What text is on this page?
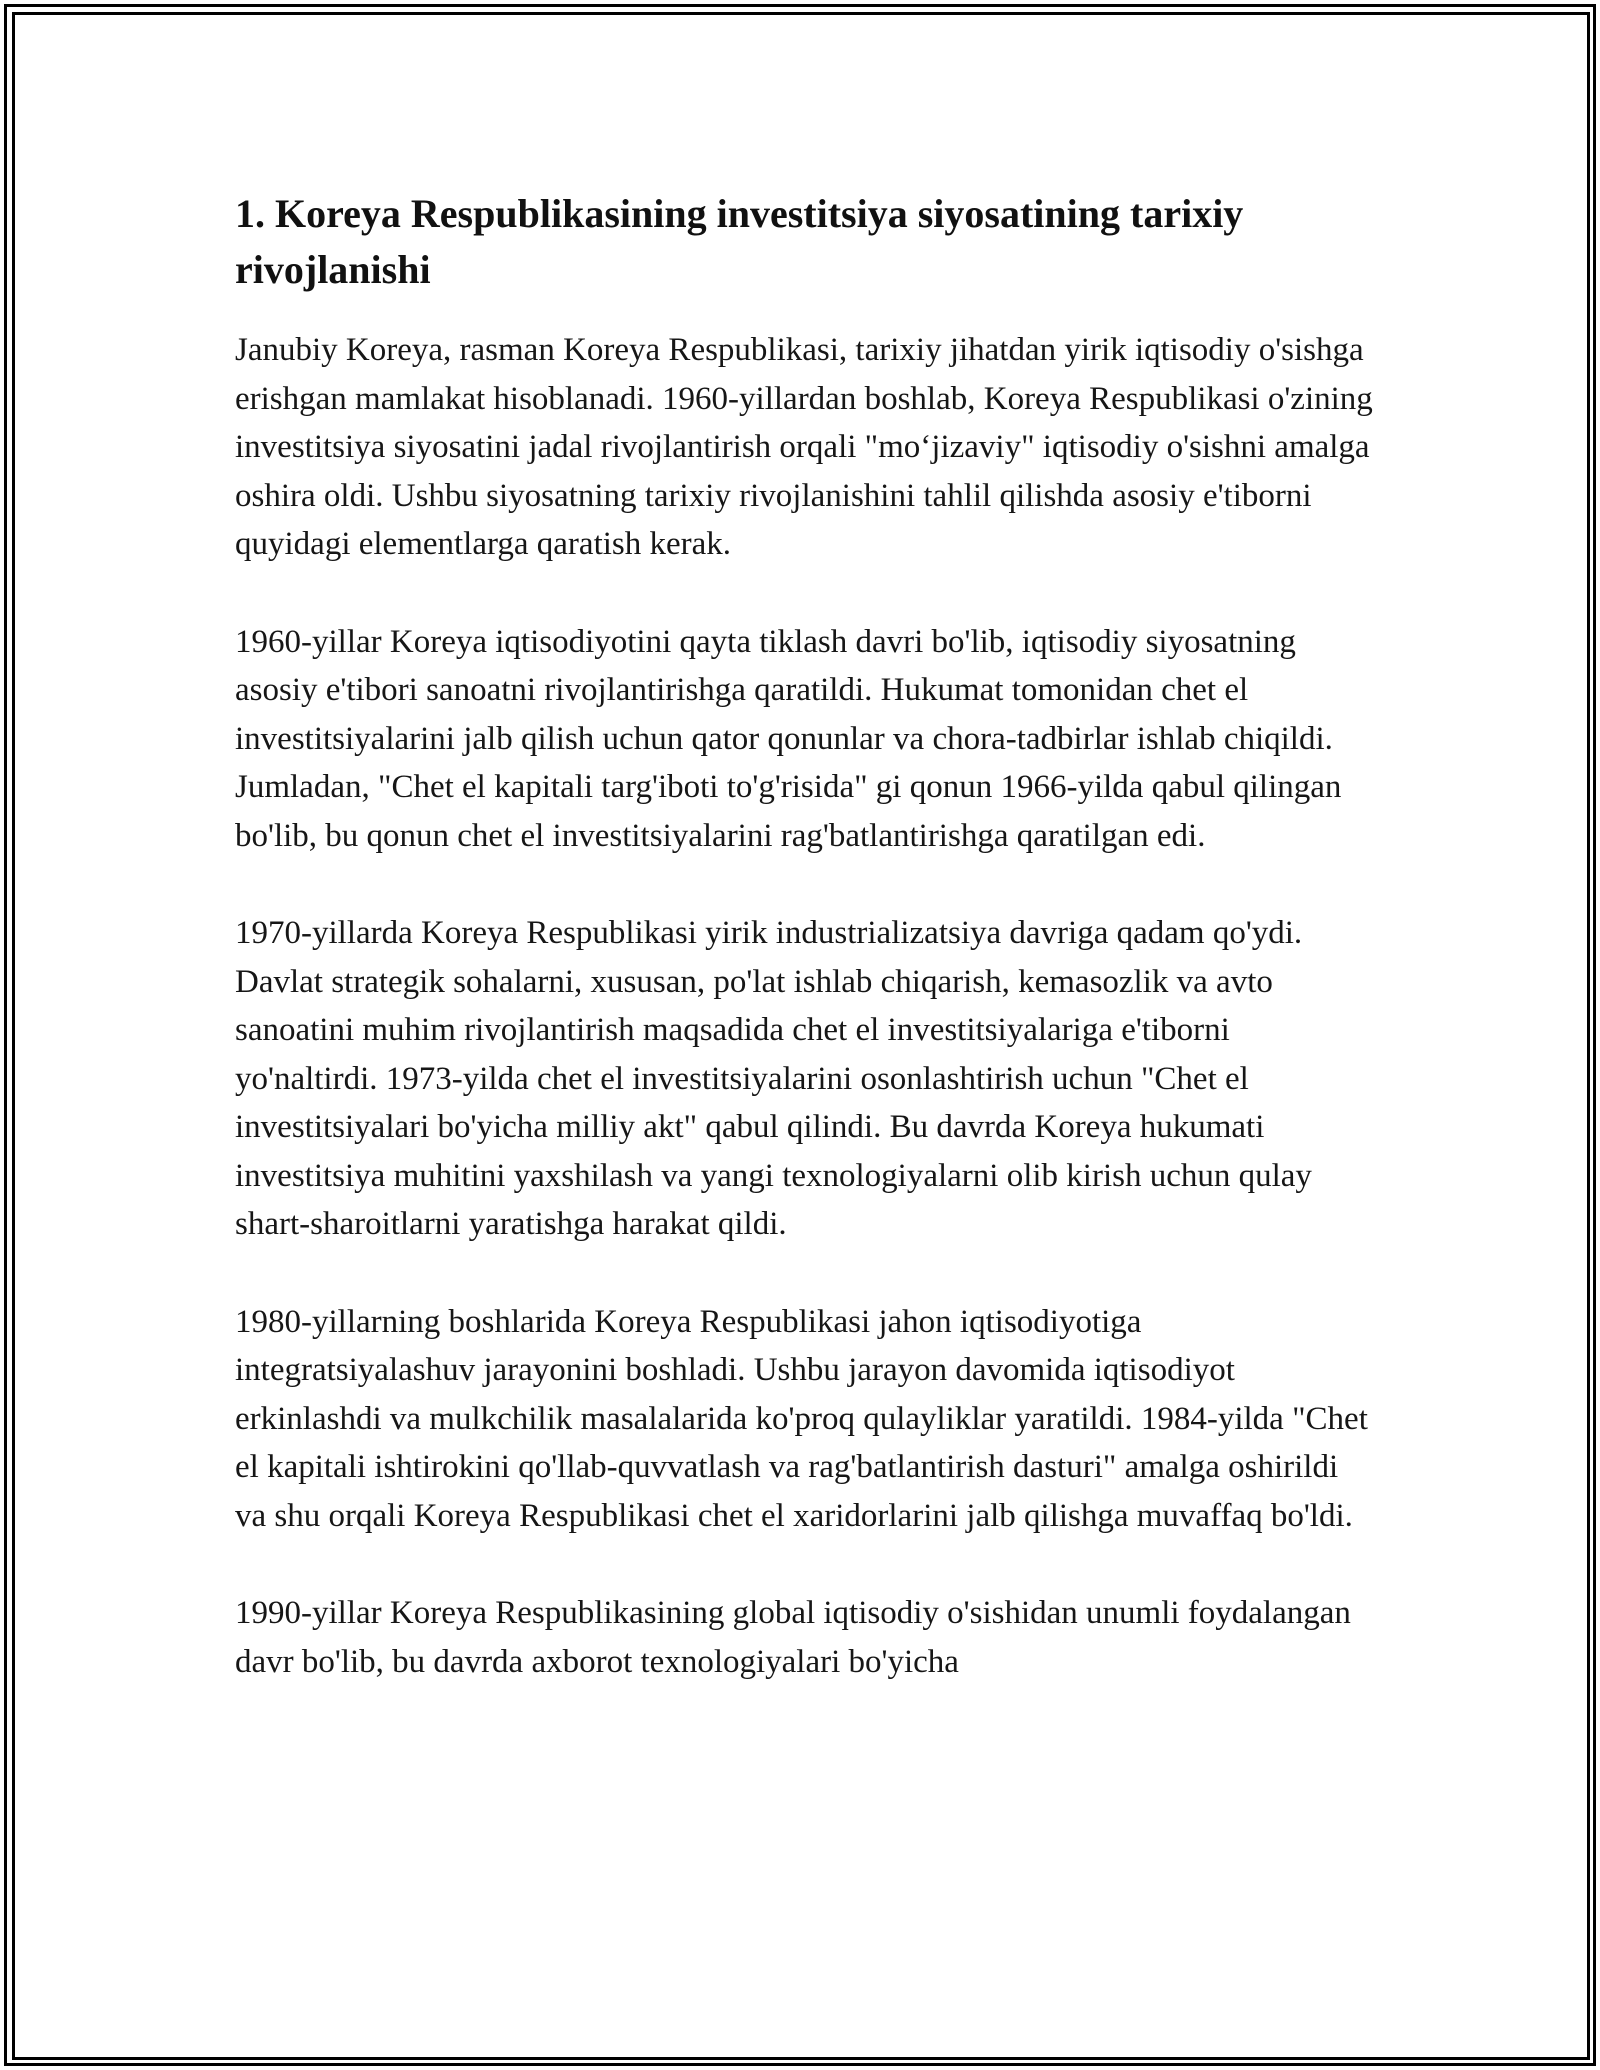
1. Koreya Respublikasining investitsiya siyosatining tarixiy rivojlanishi

Janubiy Koreya, rasman Koreya Respublikasi, tarixiy jihatdan yirik iqtisodiy o'sishga erishgan mamlakat hisoblanadi. 1960-yillardan boshlab, Koreya Respublikasi o'zining investitsiya siyosatini jadal rivojlantirish orqali "mo‘jizaviy" iqtisodiy o'sishni amalga oshira oldi. Ushbu siyosatning tarixiy rivojlanishini tahlil qilishda asosiy e'tiborni quyidagi elementlarga qaratish kerak.

1960-yillar Koreya iqtisodiyotini qayta tiklash davri bo'lib, iqtisodiy siyosatning asosiy e'tibori sanoatni rivojlantirishga qaratildi. Hukumat tomonidan chet el investitsiyalarini jalb qilish uchun qator qonunlar va chora-tadbirlar ishlab chiqildi. Jumladan, "Chet el kapitali targ'iboti to'g'risida" gi qonun 1966-yilda qabul qilingan bo'lib, bu qonun chet el investitsiyalarini rag'batlantirishga qaratilgan edi.

1970-yillarda Koreya Respublikasi yirik industrializatsiya davriga qadam qo'ydi. Davlat strategik sohalarni, xususan, po'lat ishlab chiqarish, kemasozlik va avto sanoatini muhim rivojlantirish maqsadida chet el investitsiyalariga e'tiborni yo'naltirdi. 1973-yilda chet el investitsiyalarini osonlashtirish uchun "Chet el investitsiyalari bo'yicha milliy akt" qabul qilindi. Bu davrda Koreya hukumati investitsiya muhitini yaxshilash va yangi texnologiyalarni olib kirish uchun qulay shart-sharoitlarni yaratishga harakat qildi.

1980-yillarning boshlarida Koreya Respublikasi jahon iqtisodiyotiga integratsiyalashuv jarayonini boshladi. Ushbu jarayon davomida iqtisodiyot erkinlashdi va mulkchilik masalalarida ko'proq qulayliklar yaratildi. 1984-yilda "Chet el kapitali ishtirokini qo'llab-quvvatlash va rag'batlantirish dasturi" amalga oshirildi va shu orqali Koreya Respublikasi chet el xaridorlarini jalb qilishga muvaffaq bo'ldi.

1990-yillar Koreya Respublikasining global iqtisodiy o'sishidan unumli foydalangan davr bo'lib, bu davrda axborot texnologiyalari bo'yicha
